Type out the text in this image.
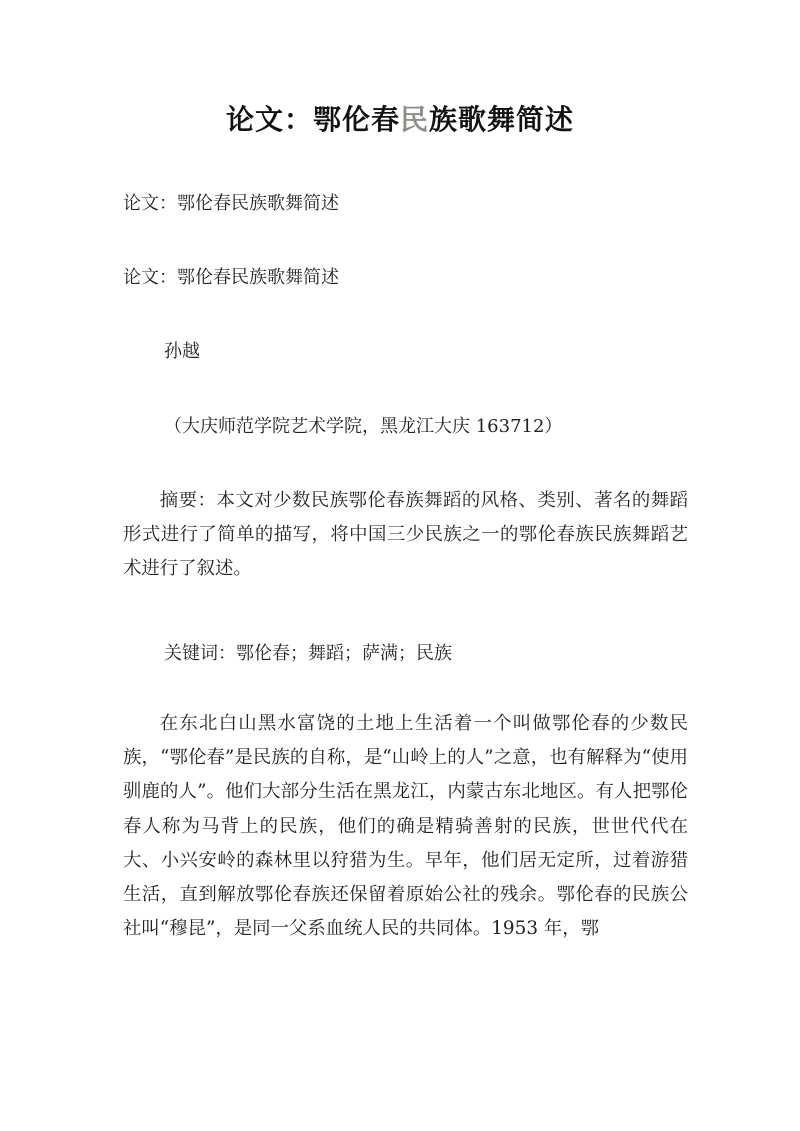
论文：鄂伦春民族歌舞简述
论文：鄂伦春民族歌舞简述
论文：鄂伦春民族歌舞简述
孙越
（大庆师范学院艺术学院，黑龙江大庆 163712）
摘要：本文对少数民族鄂伦春族舞蹈的风格、类别、著名的舞蹈形式进行了简单的描写，将中国三少民族之一的鄂伦春族民族舞蹈艺术进行了叙述。
关键词：鄂伦春；舞蹈；萨满；民族
在东北白山黑水富饶的土地上生活着一个叫做鄂伦春的少数民族，“鄂伦春”是民族的自称，是“山岭上的人”之意，也有解释为“使用驯鹿的人”。他们大部分生活在黑龙江，内蒙古东北地区。有人把鄂伦春人称为马背上的民族，他们的确是精骑善射的民族，世世代代在大、小兴安岭的森林里以狩猎为生。早年，他们居无定所，过着游猎生活，直到解放鄂伦春族还保留着原始公社的残余。鄂伦春的民族公社叫“穆昆”，是同一父系血统人民的共同体。1953 年，鄂
